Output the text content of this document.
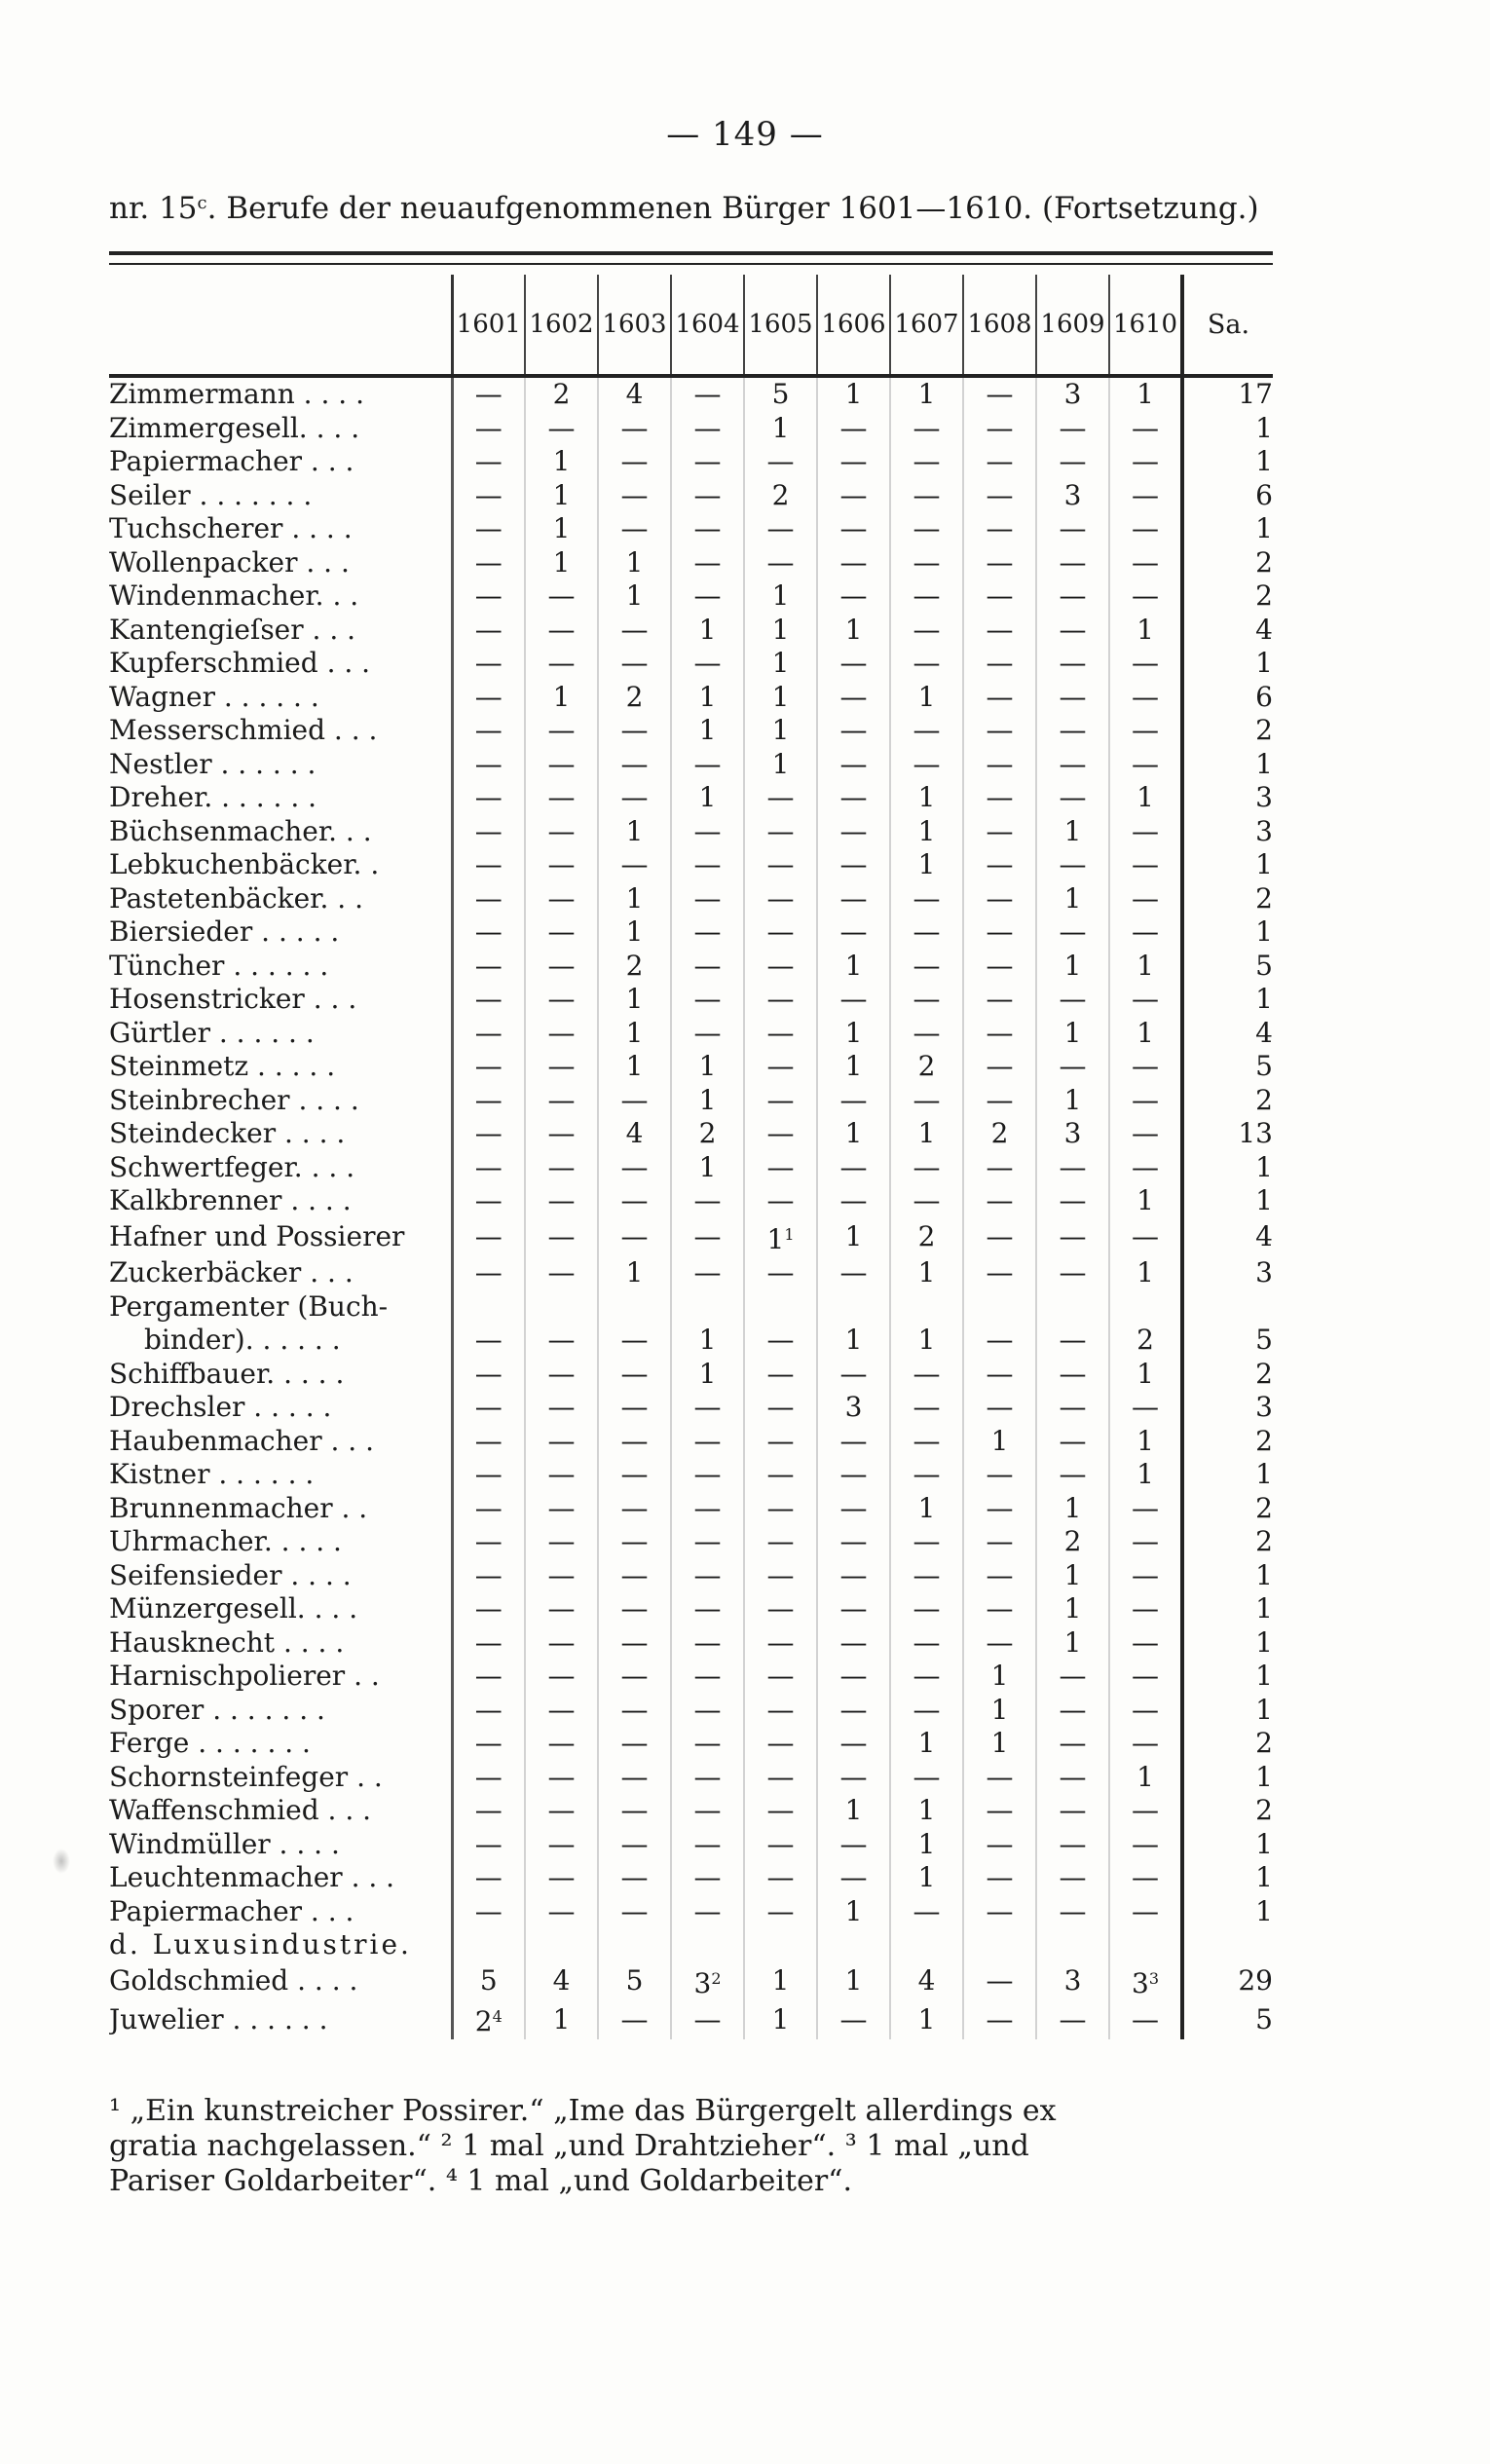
— 149 —
nr. 15$^c$. Berufe der neuaufgenommenen Bürger 1601—1610. (Fortsetzung.)
	1601	1602	1603	1604	1605	1606	1607	1608	1609	1610	Sa.

Zimmermann . . . .	—	2	4	—	5	1	1	—	3	1	17
Zimmergesell. . . .	—	—	—	—	1	—	—	—	—	—	1
Papiermacher . . .	—	1	—	—	—	—	—	—	—	—	1
Seiler . . . . . . .	—	1	—	—	2	—	—	—	3	—	6
Tuchscherer . . . .	—	1	—	—	—	—	—	—	—	—	1
Wollenpacker . . .	—	1	1	—	—	—	—	—	—	—	2
Windenmacher. . .	—	—	1	—	1	—	—	—	—	—	2
Kantengieſser . . .	—	—	—	1	1	1	—	—	—	1	4
Kupferschmied . . .	—	—	—	—	1	—	—	—	—	—	1
Wagner . . . . . .	—	1	2	1	1	—	1	—	—	—	6
Messerschmied . . .	—	—	—	1	1	—	—	—	—	—	2
Nestler . . . . . .	—	—	—	—	1	—	—	—	—	—	1
Dreher. . . . . . .	—	—	—	1	—	—	1	—	—	1	3
Büchsenmacher. . .	—	—	1	—	—	—	1	—	1	—	3
Lebkuchenbäcker. .	—	—	—	—	—	—	1	—	—	—	1
Pastetenbäcker. . .	—	—	1	—	—	—	—	—	1	—	2
Biersieder . . . . .	—	—	1	—	—	—	—	—	—	—	1
Tüncher . . . . . .	—	—	2	—	—	1	—	—	1	1	5
Hosenstricker . . .	—	—	1	—	—	—	—	—	—	—	1
Gürtler . . . . . .	—	—	1	—	—	1	—	—	1	1	4
Steinmetz . . . . .	—	—	1	1	—	1	2	—	—	—	5
Steinbrecher . . . .	—	—	—	1	—	—	—	—	1	—	2
Steindecker . . . .	—	—	4	2	—	1	1	2	3	—	13
Schwertfeger. . . .	—	—	—	1	—	—	—	—	—	—	1
Kalkbrenner . . . .	—	—	—	—	—	—	—	—	—	1	1
Hafner und Possierer	—	—	—	—	$1^1$	1	2	—	—	—	4
Zuckerbäcker . . .	—	—	1	—	—	—	1	—	—	1	3
Pergamenter (Buch-											
binder). . . . . .	—	—	—	1	—	1	1	—	—	2	5
Schiffbauer. . . . .	—	—	—	1	—	—	—	—	—	1	2
Drechsler . . . . .	—	—	—	—	—	3	—	—	—	—	3
Haubenmacher . . .	—	—	—	—	—	—	—	1	—	1	2
Kistner . . . . . .	—	—	—	—	—	—	—	—	—	1	1
Brunnenmacher . .	—	—	—	—	—	—	1	—	1	—	2
Uhrmacher. . . . .	—	—	—	—	—	—	—	—	2	—	2
Seifensieder . . . .	—	—	—	—	—	—	—	—	1	—	1
Münzergesell. . . .	—	—	—	—	—	—	—	—	1	—	1
Hausknecht . . . .	—	—	—	—	—	—	—	—	1	—	1
Harnischpolierer . .	—	—	—	—	—	—	—	1	—	—	1
Sporer . . . . . . .	—	—	—	—	—	—	—	1	—	—	1
Ferge . . . . . . .	—	—	—	—	—	—	1	1	—	—	2
Schornsteinfeger . .	—	—	—	—	—	—	—	—	—	1	1
Waffenschmied . . .	—	—	—	—	—	1	1	—	—	—	2
Windmüller . . . .	—	—	—	—	—	—	1	—	—	—	1
Leuchtenmacher . . .	—	—	—	—	—	—	1	—	—	—	1
Papiermacher . . .	—	—	—	—	—	1	—	—	—	—	1
d. Luxusindustrie.											
Goldschmied . . . .	5	4	5	$3^2$	1	1	4	—	3	$3^3$	29
Juwelier . . . . . .	$2^4$	1	—	—	1	—	1	—	—	—	5
¹ „Ein kunstreicher Possirer.“ „Ime das Bürgergelt allerdings ex
gratia nachgelassen.“ ² 1 mal „und Drahtzieher“. ³ 1 mal „und
Pariser Goldarbeiter“. ⁴ 1 mal „und Goldarbeiter“.
